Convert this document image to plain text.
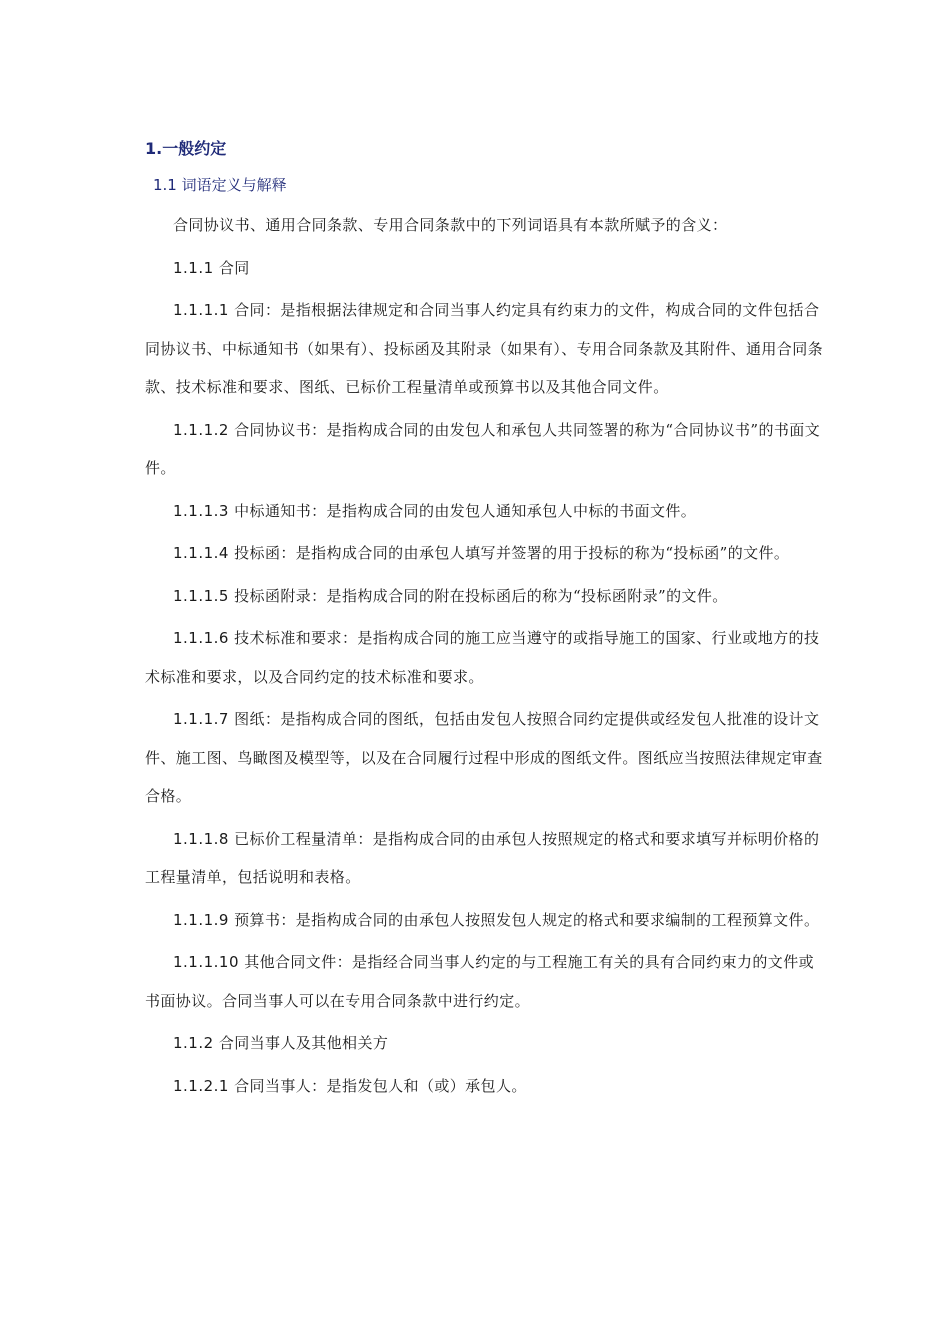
1.一般约定
1.1 词语定义与解释

合同协议书、通用合同条款、专用合同条款中的下列词语具有本款所赋予的含义：

1.1.1 合同

1.1.1.1 合同：是指根据法律规定和合同当事人约定具有约束力的文件，构成合同的文件包括合同协议书、中标通知书（如果有）、投标函及其附录（如果有）、专用合同条款及其附件、通用合同条款、技术标准和要求、图纸、已标价工程量清单或预算书以及其他合同文件。

1.1.1.2 合同协议书：是指构成合同的由发包人和承包人共同签署的称为“合同协议书”的书面文件。

1.1.1.3 中标通知书：是指构成合同的由发包人通知承包人中标的书面文件。

1.1.1.4 投标函：是指构成合同的由承包人填写并签署的用于投标的称为“投标函”的文件。

1.1.1.5 投标函附录：是指构成合同的附在投标函后的称为“投标函附录”的文件。

1.1.1.6 技术标准和要求：是指构成合同的施工应当遵守的或指导施工的国家、行业或地方的技术标准和要求，以及合同约定的技术标准和要求。

1.1.1.7 图纸：是指构成合同的图纸，包括由发包人按照合同约定提供或经发包人批准的设计文件、施工图、鸟瞰图及模型等，以及在合同履行过程中形成的图纸文件。图纸应当按照法律规定审查合格。

1.1.1.8 已标价工程量清单：是指构成合同的由承包人按照规定的格式和要求填写并标明价格的工程量清单，包括说明和表格。

1.1.1.9 预算书：是指构成合同的由承包人按照发包人规定的格式和要求编制的工程预算文件。

1.1.1.10 其他合同文件：是指经合同当事人约定的与工程施工有关的具有合同约束力的文件或书面协议。合同当事人可以在专用合同条款中进行约定。

1.1.2 合同当事人及其他相关方

1.1.2.1 合同当事人：是指发包人和（或）承包人。
